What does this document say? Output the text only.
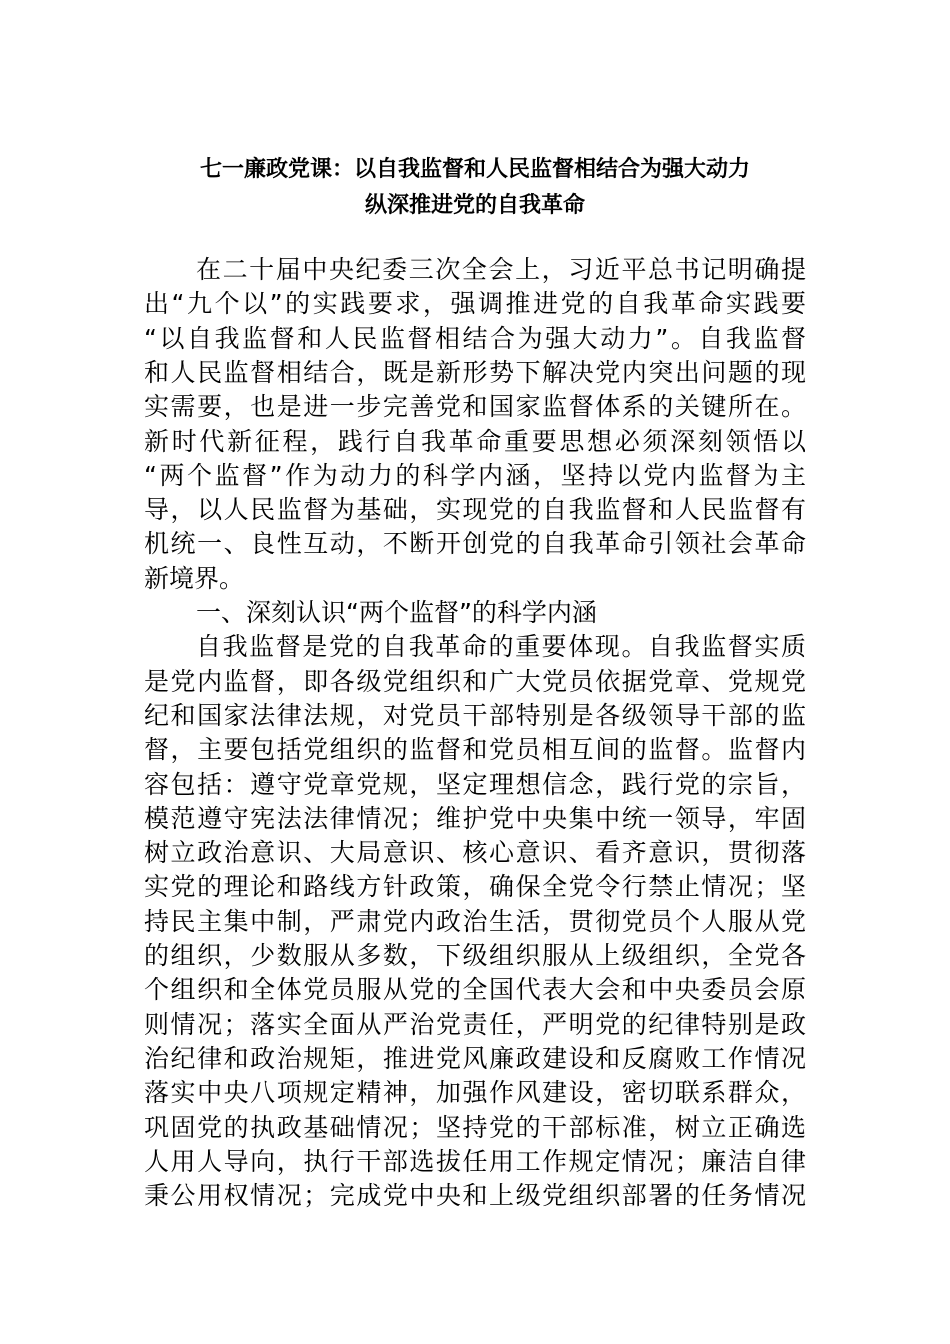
七一廉政党课：以自我监督和人民监督相结合为强大动力
纵深推进党的自我革命
在二十届中央纪委三次全会上，习近平总书记明确提
出“九个以”的实践要求，强调推进党的自我革命实践要
“以自我监督和人民监督相结合为强大动力”。自我监督
和人民监督相结合，既是新形势下解决党内突出问题的现
实需要，也是进一步完善党和国家监督体系的关键所在。
新时代新征程，践行自我革命重要思想必须深刻领悟以
“两个监督”作为动力的科学内涵，坚持以党内监督为主
导，以人民监督为基础，实现党的自我监督和人民监督有
机统一、良性互动，不断开创党的自我革命引领社会革命
新境界。
一、深刻认识“两个监督”的科学内涵
自我监督是党的自我革命的重要体现。自我监督实质
是党内监督，即各级党组织和广大党员依据党章、党规党
纪和国家法律法规，对党员干部特别是各级领导干部的监
督，主要包括党组织的监督和党员相互间的监督。监督内
容包括：遵守党章党规，坚定理想信念，践行党的宗旨，
模范遵守宪法法律情况；维护党中央集中统一领导，牢固
树立政治意识、大局意识、核心意识、看齐意识，贯彻落
实党的理论和路线方针政策，确保全党令行禁止情况；坚
持民主集中制，严肃党内政治生活，贯彻党员个人服从党
的组织，少数服从多数，下级组织服从上级组织，全党各
个组织和全体党员服从党的全国代表大会和中央委员会原
则情况；落实全面从严治党责任，严明党的纪律特别是政
治纪律和政治规矩，推进党风廉政建设和反腐败工作情况
落实中央八项规定精神，加强作风建设，密切联系群众，
巩固党的执政基础情况；坚持党的干部标准，树立正确选
人用人导向，执行干部选拔任用工作规定情况；廉洁自律
秉公用权情况；完成党中央和上级党组织部署的任务情况
